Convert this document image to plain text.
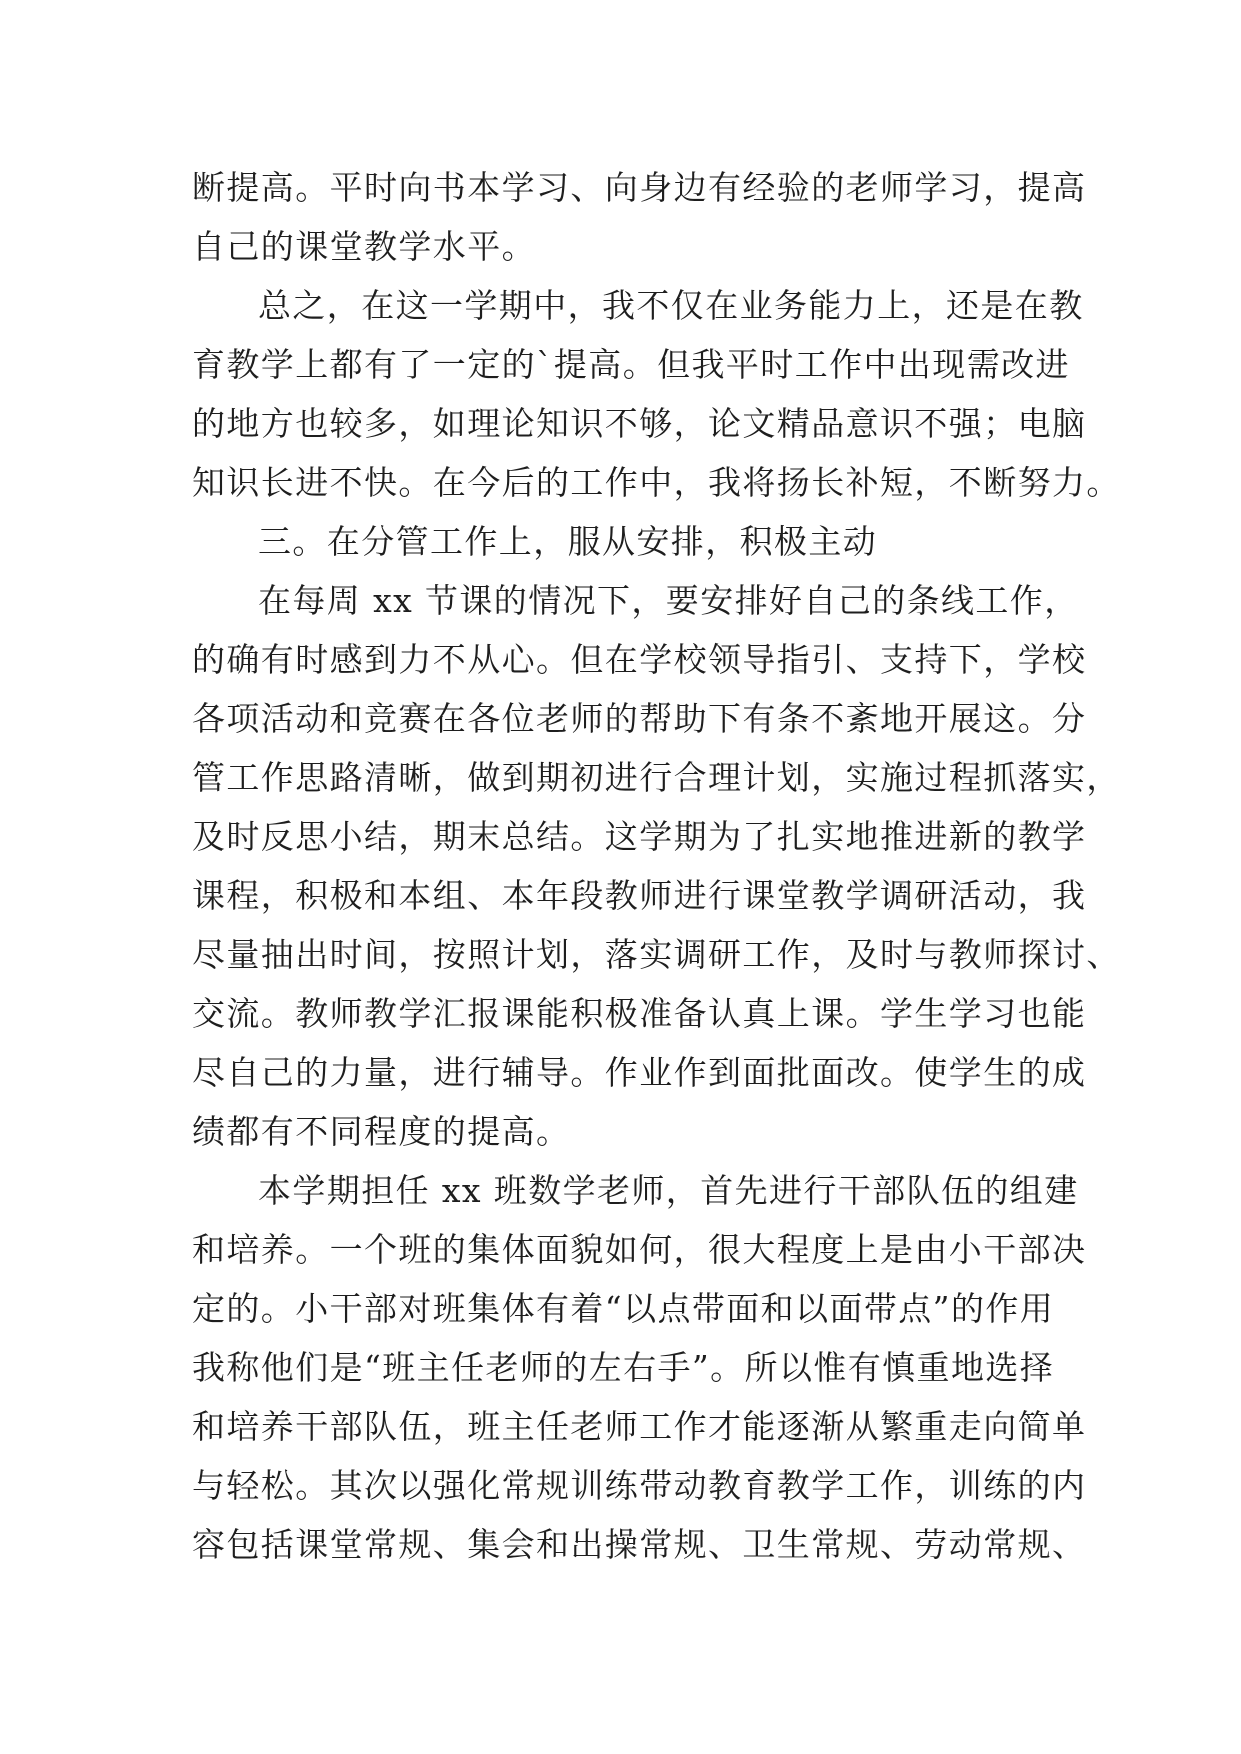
断提高。平时向书本学习、向身边有经验的老师学习，提高
自己的课堂教学水平。
总之，在这一学期中，我不仅在业务能力上，还是在教
育教学上都有了一定的`提高。但我平时工作中出现需改进
的地方也较多，如理论知识不够，论文精品意识不强；电脑
知识长进不快。在今后的工作中，我将扬长补短，不断努力。
三。在分管工作上，服从安排，积极主动
在每周 xx 节课的情况下，要安排好自己的条线工作，
的确有时感到力不从心。但在学校领导指引、支持下，学校
各项活动和竞赛在各位老师的帮助下有条不紊地开展这。分
管工作思路清晰，做到期初进行合理计划，实施过程抓落实，
及时反思小结，期末总结。这学期为了扎实地推进新的教学
课程，积极和本组、本年段教师进行课堂教学调研活动，我
尽量抽出时间，按照计划，落实调研工作，及时与教师探讨、
交流。教师教学汇报课能积极准备认真上课。学生学习也能
尽自己的力量，进行辅导。作业作到面批面改。使学生的成
绩都有不同程度的提高。
本学期担任 xx 班数学老师，首先进行干部队伍的组建
和培养。一个班的集体面貌如何，很大程度上是由小干部决
定的。小干部对班集体有着“以点带面和以面带点”的作用
我称他们是“班主任老师的左右手”。所以惟有慎重地选择
和培养干部队伍，班主任老师工作才能逐渐从繁重走向简单
与轻松。其次以强化常规训练带动教育教学工作，训练的内
容包括课堂常规、集会和出操常规、卫生常规、劳动常规、
